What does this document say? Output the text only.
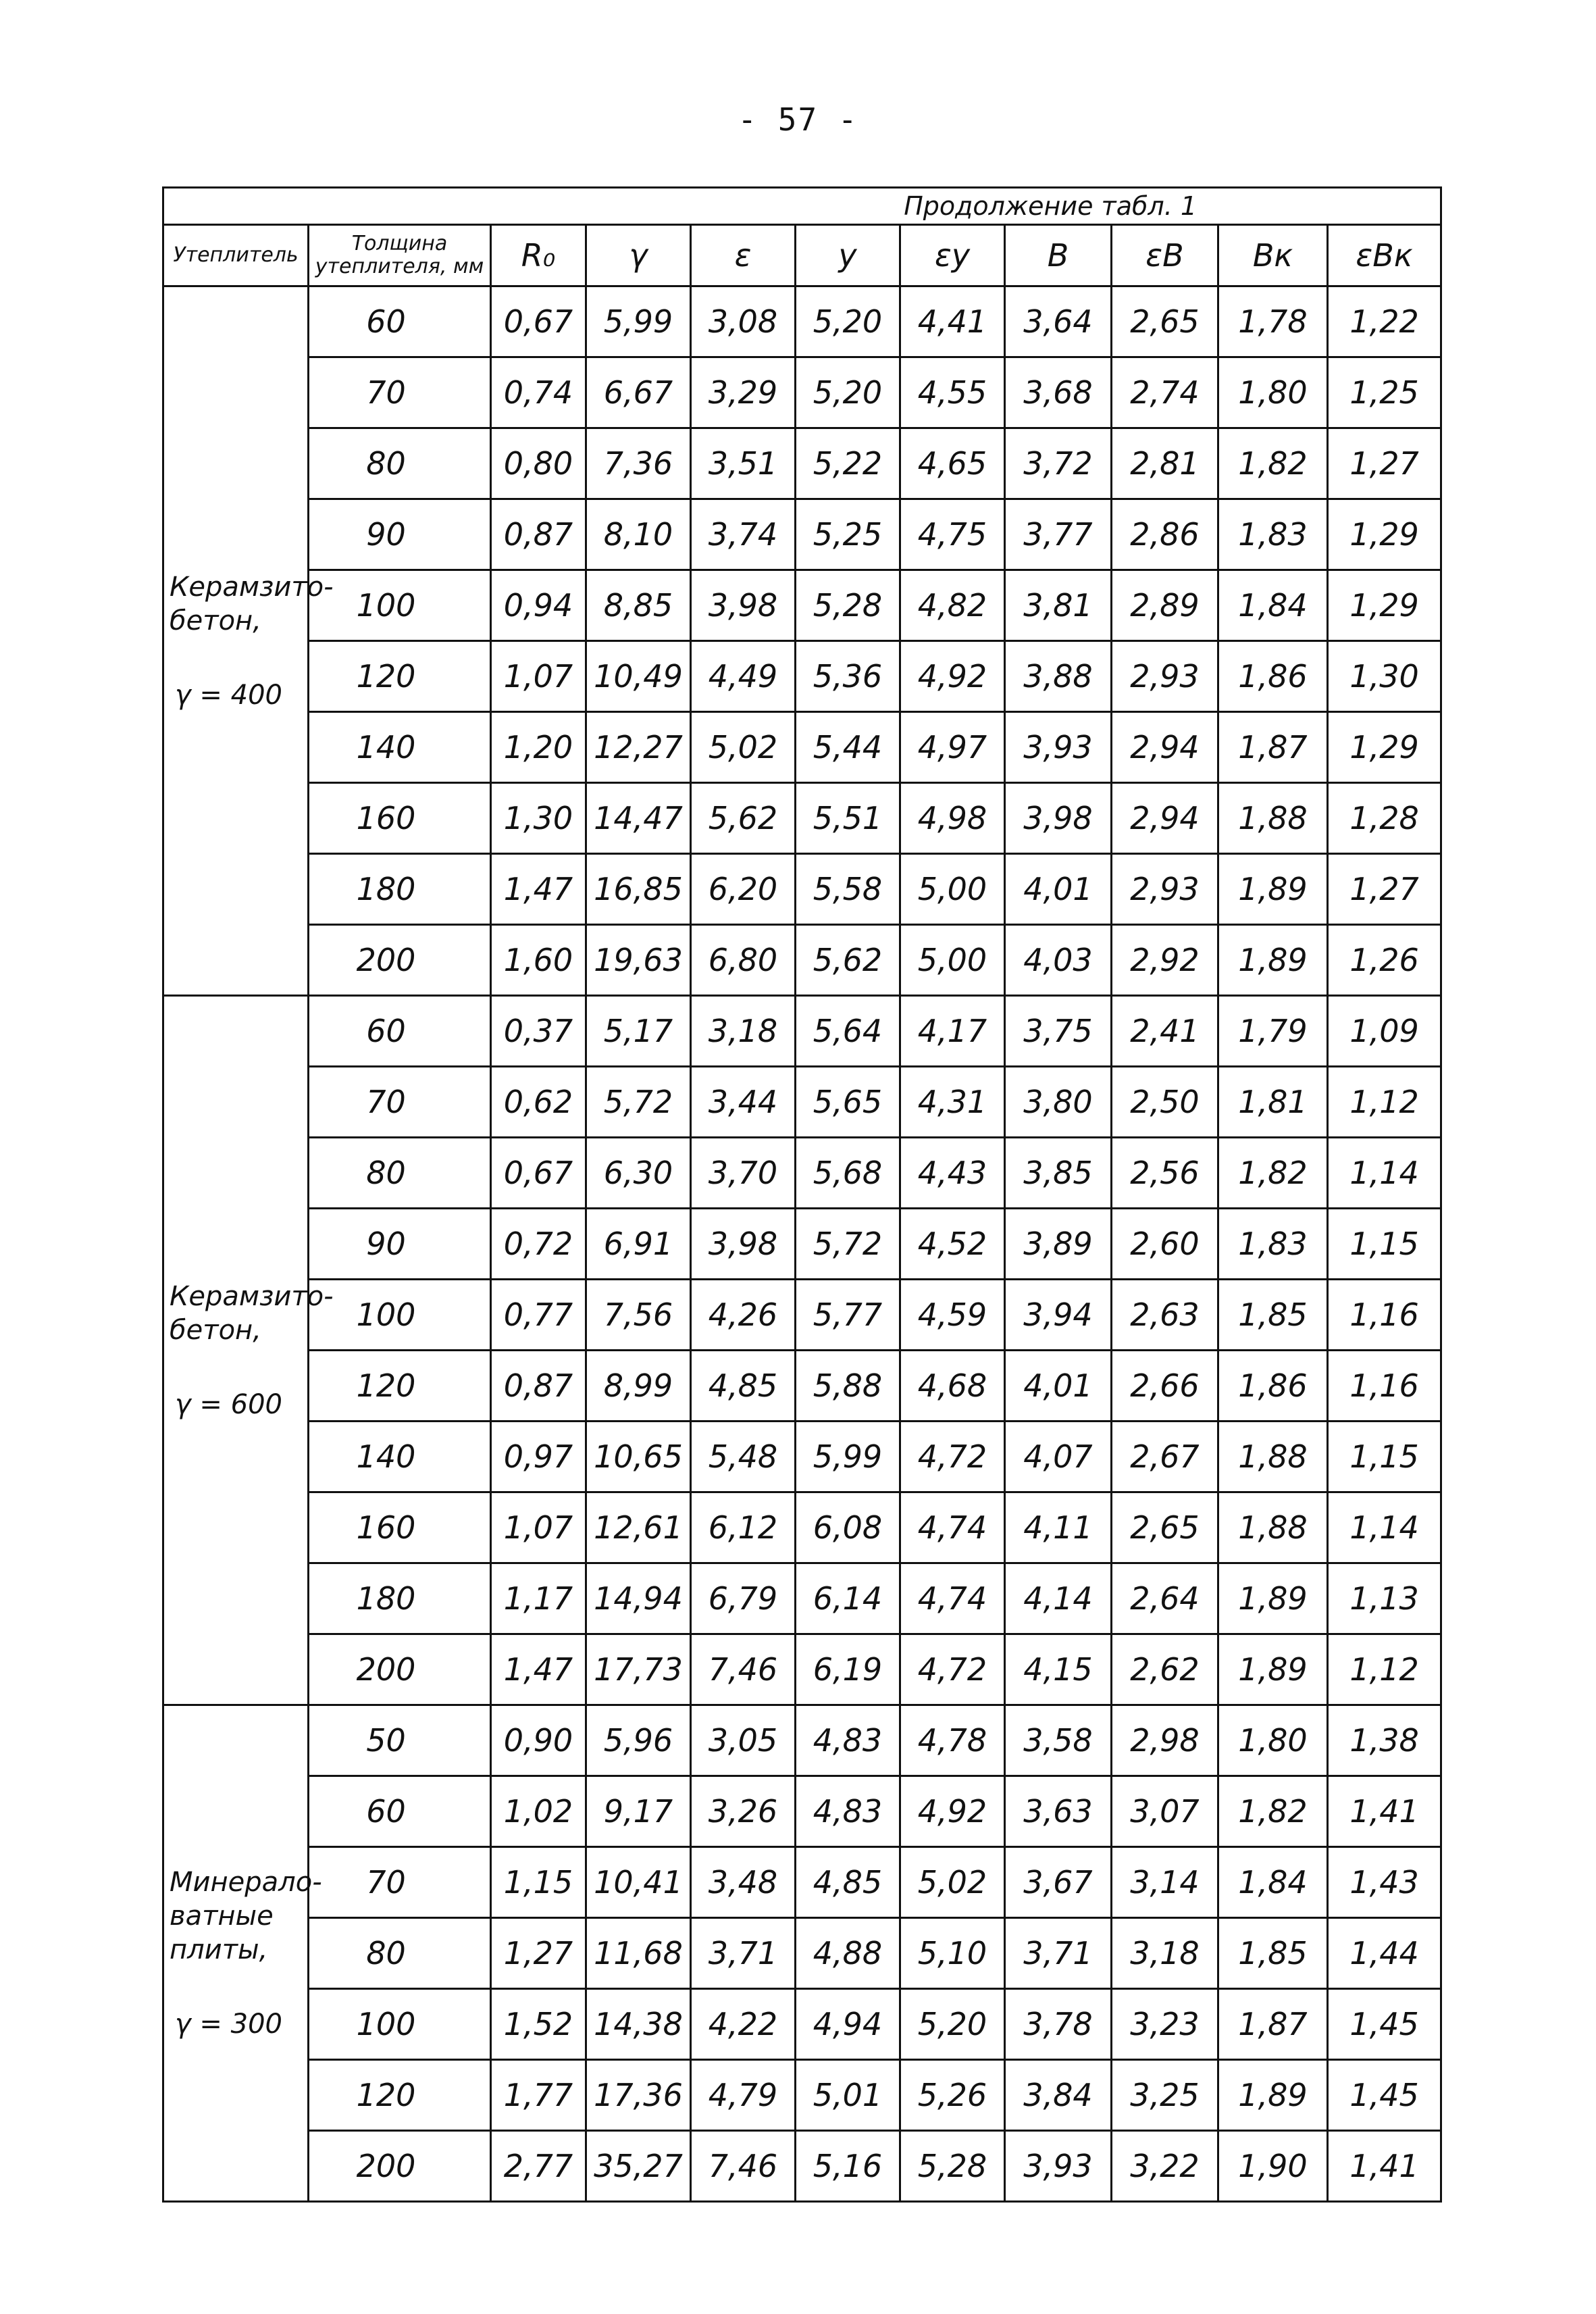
- 57 -
Продолжение табл. 1										
Утеплитель	Толщина утеплителя, мм	R₀	γ	ε	y	εy	B	εB	Bк	εBк
Керамзито-бетон,
γ = 400	60	0,67	5,99	3,08	5,20	4,41	3,64	2,65	1,78	1,22
	70	0,74	6,67	3,29	5,20	4,55	3,68	2,74	1,80	1,25
	80	0,80	7,36	3,51	5,22	4,65	3,72	2,81	1,82	1,27
	90	0,87	8,10	3,74	5,25	4,75	3,77	2,86	1,83	1,29
	100	0,94	8,85	3,98	5,28	4,82	3,81	2,89	1,84	1,29
	120	1,07	10,49	4,49	5,36	4,92	3,88	2,93	1,86	1,30
	140	1,20	12,27	5,02	5,44	4,97	3,93	2,94	1,87	1,29
	160	1,30	14,47	5,62	5,51	4,98	3,98	2,94	1,88	1,28
	180	1,47	16,85	6,20	5,58	5,00	4,01	2,93	1,89	1,27
	200	1,60	19,63	6,80	5,62	5,00	4,03	2,92	1,89	1,26
Керамзито-бетон,
γ = 600	60	0,37	5,17	3,18	5,64	4,17	3,75	2,41	1,79	1,09
	70	0,62	5,72	3,44	5,65	4,31	3,80	2,50	1,81	1,12
	80	0,67	6,30	3,70	5,68	4,43	3,85	2,56	1,82	1,14
	90	0,72	6,91	3,98	5,72	4,52	3,89	2,60	1,83	1,15
	100	0,77	7,56	4,26	5,77	4,59	3,94	2,63	1,85	1,16
	120	0,87	8,99	4,85	5,88	4,68	4,01	2,66	1,86	1,16
	140	0,97	10,65	5,48	5,99	4,72	4,07	2,67	1,88	1,15
	160	1,07	12,61	6,12	6,08	4,74	4,11	2,65	1,88	1,14
	180	1,17	14,94	6,79	6,14	4,74	4,14	2,64	1,89	1,13
	200	1,47	17,73	7,46	6,19	4,72	4,15	2,62	1,89	1,12
Минерало-ватные плиты,
γ = 300	50	0,90	5,96	3,05	4,83	4,78	3,58	2,98	1,80	1,38
	60	1,02	9,17	3,26	4,83	4,92	3,63	3,07	1,82	1,41
	70	1,15	10,41	3,48	4,85	5,02	3,67	3,14	1,84	1,43
	80	1,27	11,68	3,71	4,88	5,10	3,71	3,18	1,85	1,44
	100	1,52	14,38	4,22	4,94	5,20	3,78	3,23	1,87	1,45
	120	1,77	17,36	4,79	5,01	5,26	3,84	3,25	1,89	1,45
	200	2,77	35,27	7,46	5,16	5,28	3,93	3,22	1,90	1,41
